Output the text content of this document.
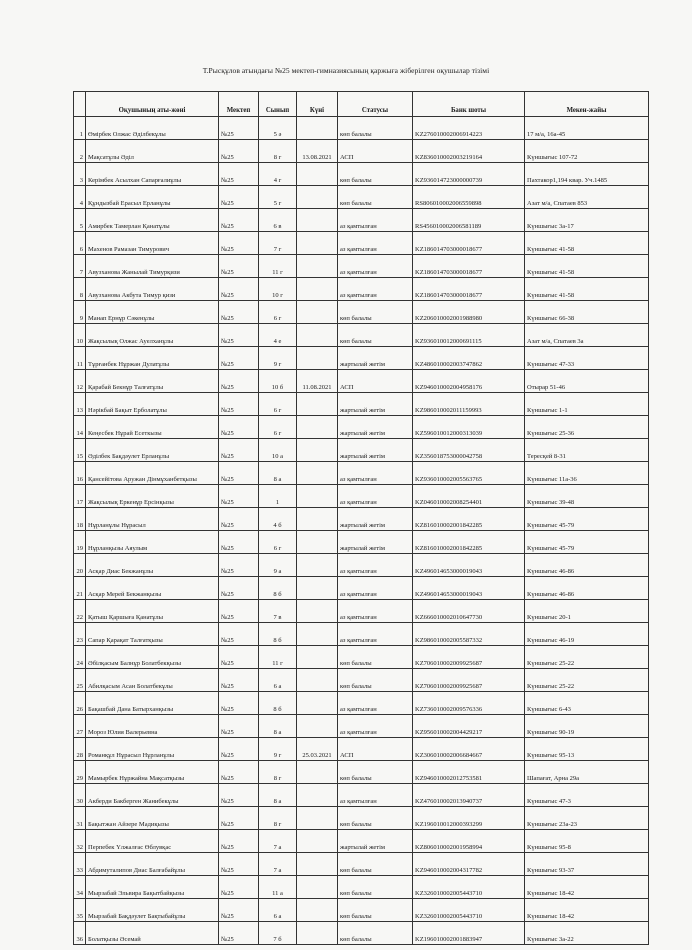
Т.Рысқұлов атындағы №25 мектеп-гимназиясының қаржыға жіберілген оқушылар тізімі
	Оқушының аты-жөні	Мектеп	Сынып	Күні	Статусы	Банк шоты	Мекен-жайы
1	Өмірбек Олжас Әділбекұлы	№25	5 ә		көп балалы	KZ276010002006914223	17 м/а, 16а-45
2	Мақсатұлы Әділ	№25	8 г	13.08.2021	АСП	KZ836010002003219164	Күншығыс 107-72
3	Керімбек Асылхан Сапарғалиұлы	№25	4 г		көп балалы	KZ936014723000000739	Пахтакор1,194 квар. Уч.1485
4	Құндызбай Ерасыл Ерланұлы	№25	5 г		көп балалы	RS806010002006559898	Азат м/а, Спатаев 853
5	Амирбек Тамерлан Қанатұлы	№25	6 в		аз қамтылған	RS456010002006581189	Күншығыс 3а-17
6	Махенов Рамазан Тимурович	№25	7 г		аз қамтылған	KZ186014703000018677	Күншығыс 41-58
7	Авузханова Жанылай Тимурқизи	№25	11 г		аз қамтылған	KZ186014703000018677	Күншығыс 41-58
8	Авузханова Акбута Тимур қизи	№25	10 г		аз қамтылған	KZ186014703000018677	Күншығыс 41-58
9	Манап Ернұр Сәкенұлы	№25	6 г		көп балалы	KZ206010002001988980	Күншығыс 66-38
10	Жақсылық Олжас Ауелханұлы	№25	4 е		көп балалы	KZ936010012000691115	Азат м/а, Спатаев 3а
11	Тұрғанбек Нұржан Дулатұлы	№25	9 г		жартылай жетім	KZ486010002003747862	Күншығыс 47-33
12	Қарабай Бекнұр Талғатұлы	№25	10 б	11.08.2021	АСП	KZ946010002004958176	Отырар 51-46
13	Нәрікбай Бақыт Ерболатұлы	№25	6 г		жартылай жетім	KZ986010002011159993	Күншығыс 1-1
14	Кеңесбек Нұрай Есеткызы	№25	6 г		жартылай жетім	KZ596010012000313039	Күншығыс 25-36
15	Әділбек Бақдәулет Ерланұлы	№25	10 а		жартылай жетім	KZ356018753000042758	Тересқей 8-31
16	Қансейітова Аружан Дінмұханбетқызы	№25	8 а		аз қамтылған	KZ936010002005563765	Күншығыс 11а-36
17	Жақсылық Еркенұр Ерсінқызы	№25	1		аз қамтылған	KZ046010002008254401	Күншығыс 39-48
18	Нұрланұлы Нұрасыл	№25	4 б		жартылай жетім	KZ816010002001842285	Күншығыс 45-79
19	Нұрланқызы Аяулым	№25	6 г		жартылай жетім	KZ816010002001842285	Күншығыс 45-79
20	Асқар Диас Бекжанұлы	№25	9 а		аз қамтылған	KZ496014653000019043	Күншығыс 46-86
21	Асқар Мерей Бекжанқызы	№25	8 б		аз қамтылған	KZ496014653000019043	Күншығыс 46-86
22	Қатыш Қаршыға Қанатұлы	№25	7 в		аз қамтылған	KZ666010002010647730	Күншығыс 20-1
23	Сапар Қарақат Талғатқызы	№25	8 б		аз қамтылған	KZ986010002005587332	Күншығыс 46-19
24	Әбілқасым Балнұр Болатбекқызы	№25	11 г		көп балалы	KZ706010002009925687	Күншығыс 25-22
25	Абилқасым Асан Болатбекұлы	№25	6 а		көп балалы	KZ706010002009925687	Күншығыс 25-22
26	Бақашбай Дана Батырханқызы	№25	8 б		аз қамтылған	KZ736010002009576336	Күншығыс 6-43
27	Мороз Юлия Валерьевна	№25	8 а		аз қамтылған	KZ956010002004429217	Күншығыс 90-19
28	Романқұл Нұрасыл Нұрланұлы	№25	9 г	25.03.2021	АСП	KZ306010002006684667	Күншығыс 95-13
29	Мамырбек Нұржайна Мақсатқызы	№25	8 г		көп балалы	KZ946010002012753581	Шапағат, Арна 29а
30	Акберди Бакберген Жанибекұлы	№25	8 а		аз қамтылған	KZ476010002013940737	Күншығыс 47-3
31	Бақытжан Айзере Мадиқызы	№25	8 г		көп балалы	KZ196010012000393299	Күншығыс 23а-23
32	Перпебек Үлжалғас Өблувқас	№25	7 а		жартылай жетім	KZ806010002001958994	Күншығыс 95-8
33	Абдимуталипов Диас Балғабайұлы	№25	7 а		көп балалы	KZ946010002004317782	Күншығыс 93-37
34	Мырзабай Эльвира Бақытбайқызы	№25	11 а		көп балалы	KZ326010002005443710	Күншығыс 18-42
35	Мырзабай Бақдәулет Бақтыбайұлы	№25	6 а		көп балалы	KZ326010002005443710	Күншығыс 18-42
36	Болатқызы Әсемай	№25	7 б		көп балалы	KZ196010002001883947	Күншығыс 3а-22
